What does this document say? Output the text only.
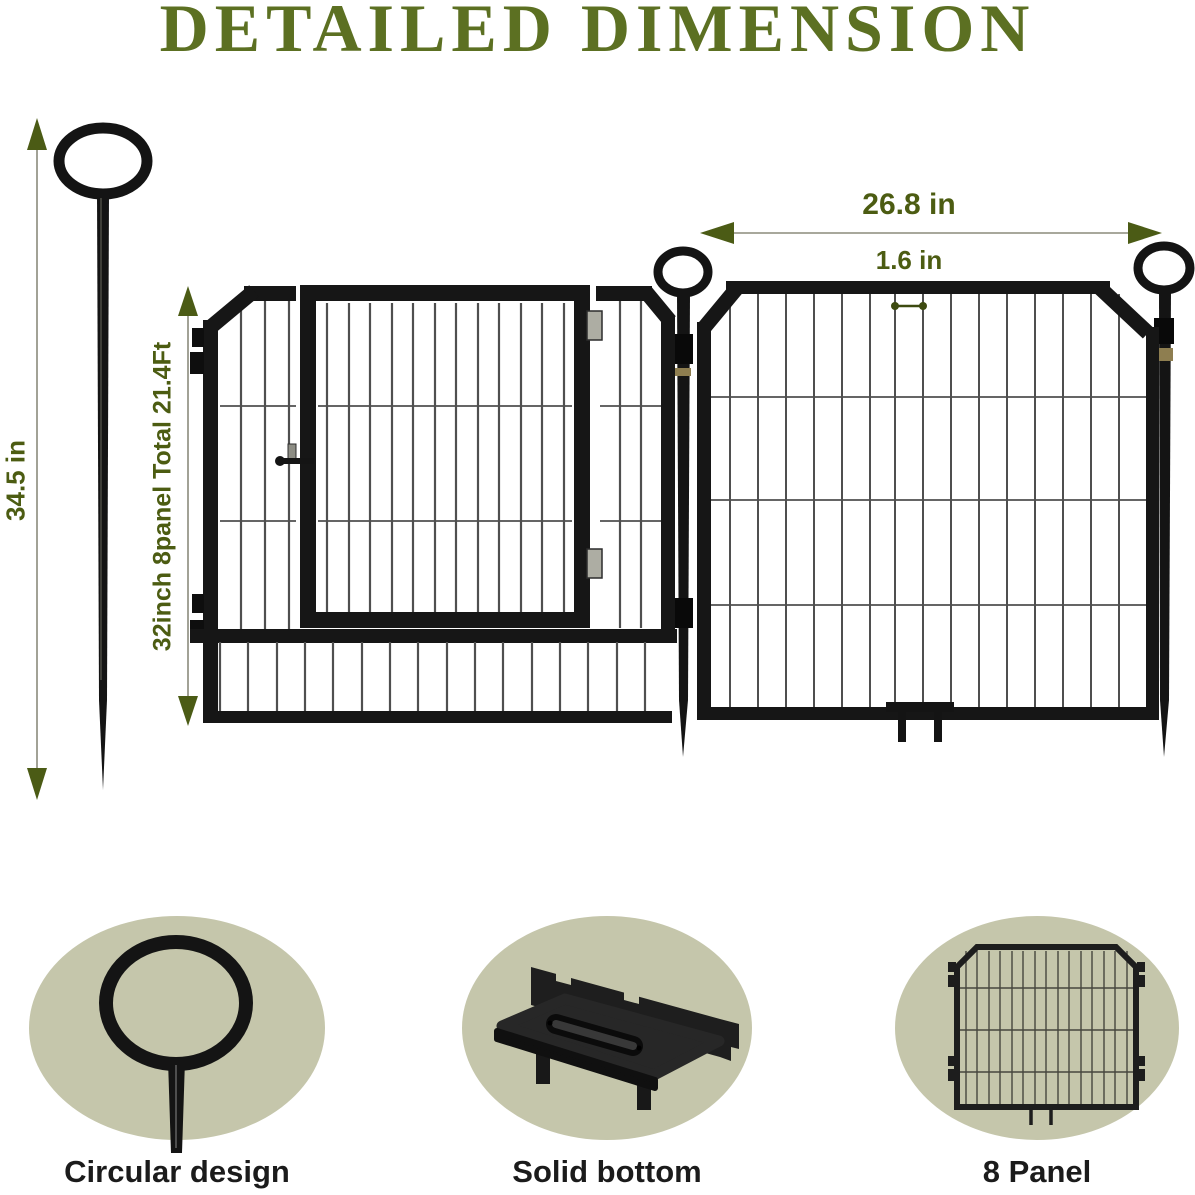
DETAILED DIMENSION
34.5 in	32inch 8panel Total 21.4Ft
26.8 in
1.6 in
Circular design	Solid bottom	8 Panel
